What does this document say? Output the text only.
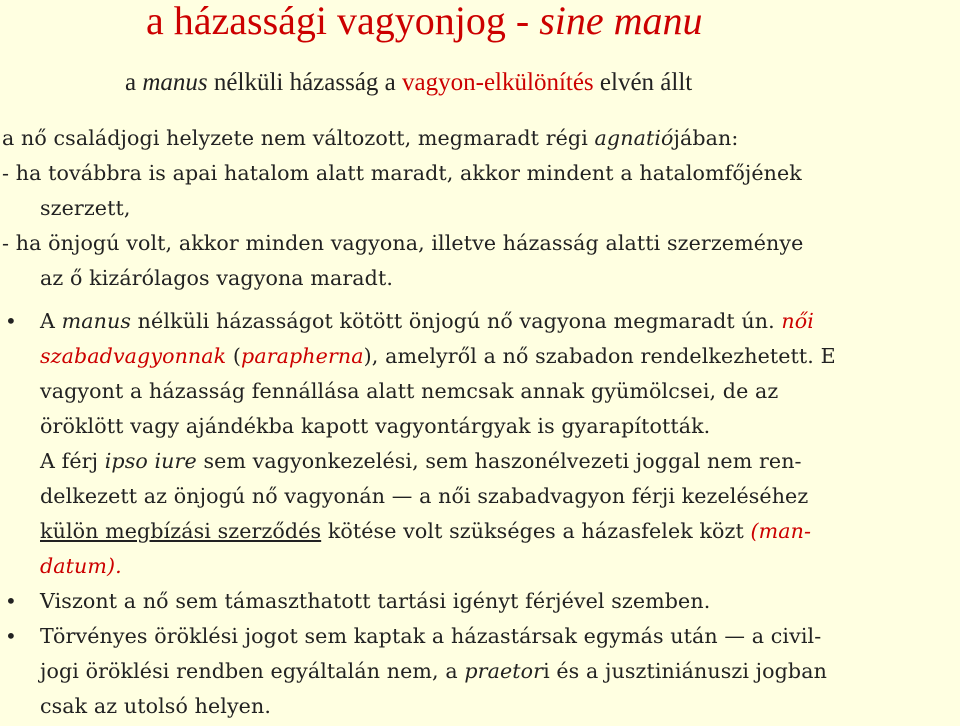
a házassági vagyonjog - sine manu
a manus nélküli házasság a vagyon-elkülönítés elvén állt
a nő családjogi helyzete nem változott, megmaradt régi agnatiójában:
- ha továbbra is apai hatalom alatt maradt, akkor mindent a hatalomfőjének
szerzett,
- ha önjogú volt, akkor minden vagyona, illetve házasság alatti szerzeménye
az ő kizárólagos vagyona maradt.
• A manus nélküli házasságot kötött önjogú nő vagyona megmaradt ún. női
szabadvagyonnak (parapherna), amelyről a nő szabadon rendelkezhetett. E
vagyont a házasság fennállása alatt nemcsak annak gyümölcsei, de az
öröklött vagy ajándékba kapott vagyontárgyak is gyarapították.
A férj ipso iure sem vagyonkezelési, sem haszonélvezeti joggal nem ren-
delkezett az önjogú nő vagyonán — a női szabadvagyon férji kezeléséhez
külön megbízási szerződés kötése volt szükséges a házasfelek közt (man-
datum).
• Viszont a nő sem támaszthatott tartási igényt férjével szemben.
• Törvényes öröklési jogot sem kaptak a házastársak egymás után — a civil-
jogi öröklési rendben egyáltalán nem, a praetori és a jusztiniánuszi jogban
csak az utolsó helyen.
